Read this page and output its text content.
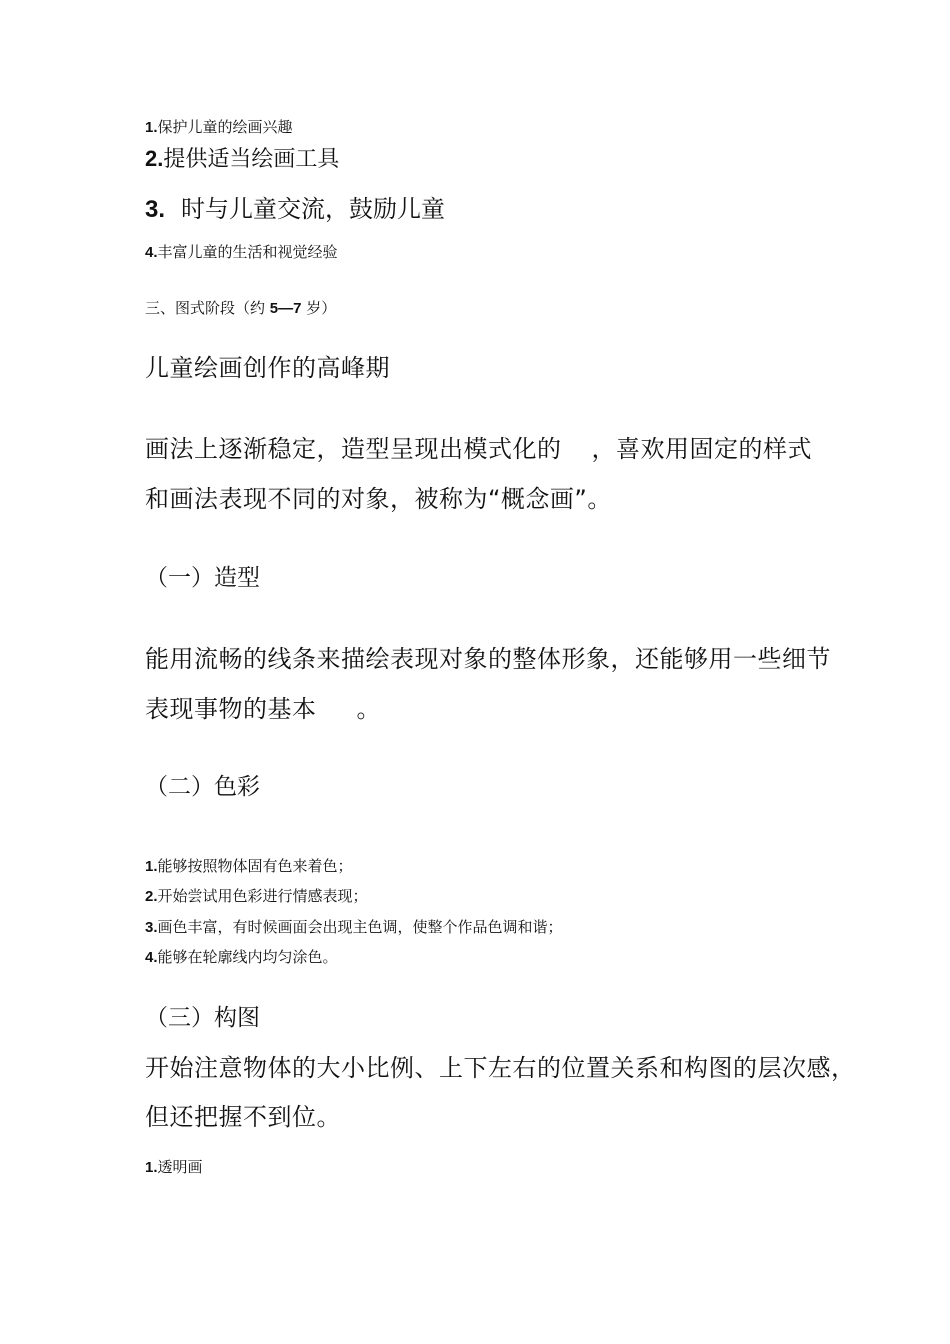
1.保护儿童的绘画兴趣
2.提供适当绘画工具
3. 时与儿童交流，鼓励儿童
4.丰富儿童的生活和视觉经验
三、图式阶段（约 5—7 岁）
儿童绘画创作的高峰期
画法上逐渐稳定，造型呈现出模式化的 ，喜欢用固定的样式
和画法表现不同的对象，被称为“概念画”。
（一）造型
能用流畅的线条来描绘表现对象的整体形象，还能够用一些细节
表现事物的基本 。
（二）色彩
1.能够按照物体固有色来着色；
2.开始尝试用色彩进行情感表现；
3.画色丰富，有时候画面会出现主色调，使整个作品色调和谐；
4.能够在轮廓线内均匀涂色。
（三）构图
开始注意物体的大小比例、上下左右的位置关系和构图的层次感，
但还把握不到位。
1.透明画
